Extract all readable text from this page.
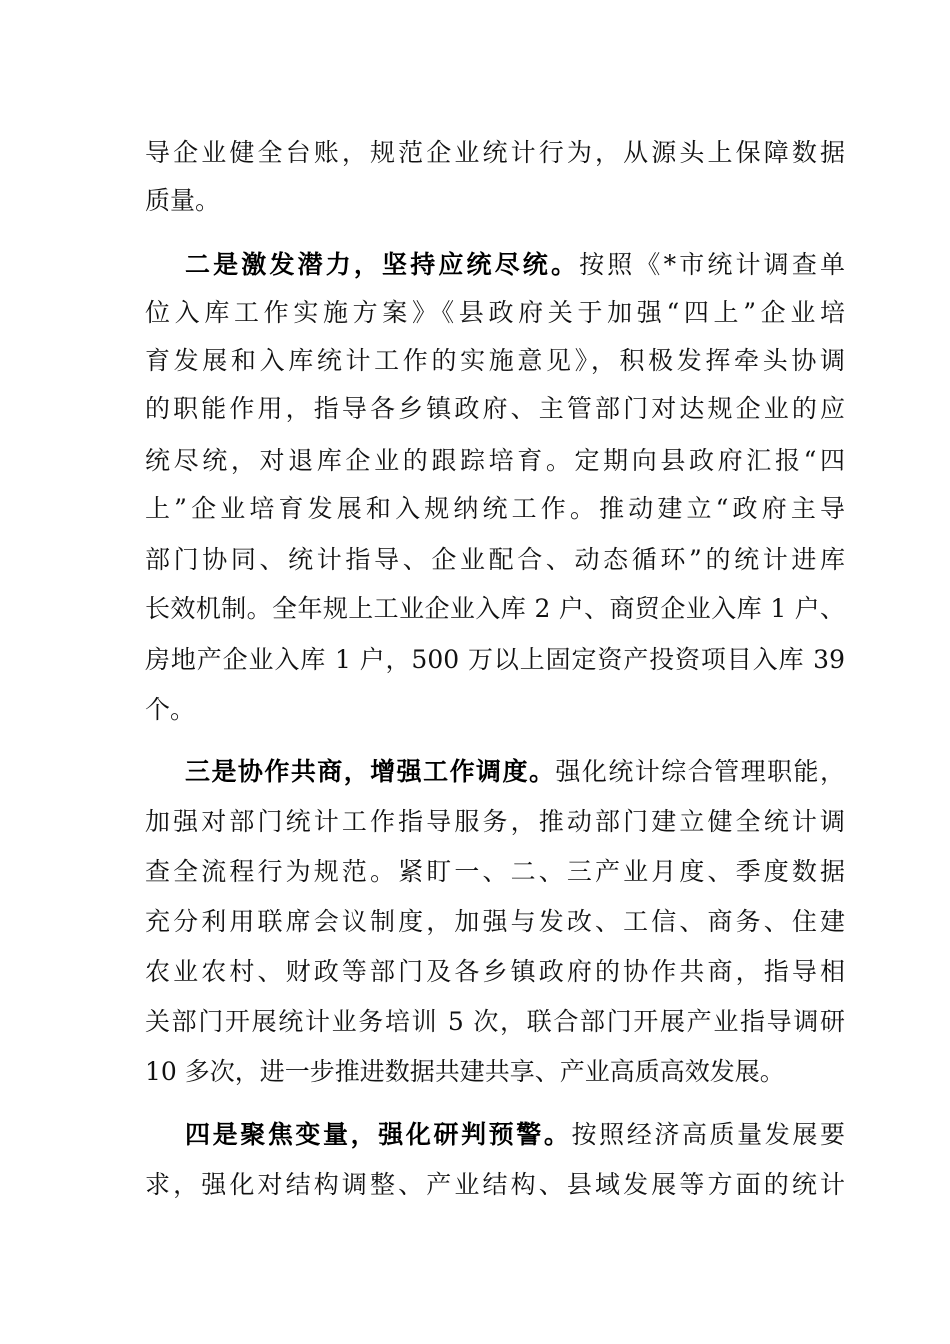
导企业健全台账，规范企业统计行为，从源头上保障数据
质量。
二是激发潜力，坚持应统尽统。按照《*市统计调查单
位入库工作实施方案》《县政府关于加强“四上”企业培
育发展和入库统计工作的实施意见》，积极发挥牵头协调
的职能作用，指导各乡镇政府、主管部门对达规企业的应
统尽统，对退库企业的跟踪培育。定期向县政府汇报“四
上”企业培育发展和入规纳统工作。推动建立“政府主导
部门协同、统计指导、企业配合、动态循环”的统计进库
长效机制。全年规上工业企业入库 2 户、商贸企业入库 1 户、
房地产企业入库 1 户，500 万以上固定资产投资项目入库 39
个。
三是协作共商，增强工作调度。强化统计综合管理职能，
加强对部门统计工作指导服务，推动部门建立健全统计调
查全流程行为规范。紧盯一、二、三产业月度、季度数据
充分利用联席会议制度，加强与发改、工信、商务、住建
农业农村、财政等部门及各乡镇政府的协作共商，指导相
关部门开展统计业务培训 5 次，联合部门开展产业指导调研
10 多次，进一步推进数据共建共享、产业高质高效发展。
四是聚焦变量，强化研判预警。按照经济高质量发展要
求，强化对结构调整、产业结构、县域发展等方面的统计
